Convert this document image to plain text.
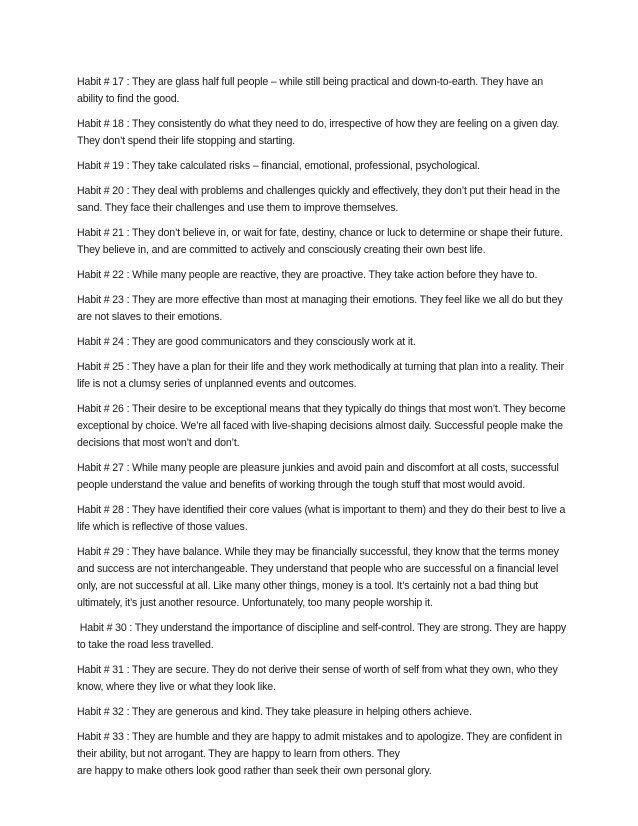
Habit # 17 : They are glass half full people – while still being practical and down-to-earth. They have an ability to find the good.

Habit # 18 : They consistently do what they need to do, irrespective of how they are feeling on a given day. They don’t spend their life stopping and starting.

Habit # 19 : They take calculated risks – financial, emotional, professional, psychological.

Habit # 20 : They deal with problems and challenges quickly and effectively, they don’t put their head in the sand. They face their challenges and use them to improve themselves.

Habit # 21 : They don’t believe in, or wait for fate, destiny, chance or luck to determine or shape their future. They believe in, and are committed to actively and consciously creating their own best life.

Habit # 22 : While many people are reactive, they are proactive. They take action before they have to.

Habit # 23 : They are more effective than most at managing their emotions. They feel like we all do but they are not slaves to their emotions.

Habit # 24 : They are good communicators and they consciously work at it.

Habit # 25 : They have a plan for their life and they work methodically at turning that plan into a reality. Their life is not a clumsy series of unplanned events and outcomes.

Habit # 26 : Their desire to be exceptional means that they typically do things that most won’t. They become exceptional by choice. We’re all faced with live-shaping decisions almost daily. Successful people make the decisions that most won’t and don’t.

Habit # 27 : While many people are pleasure junkies and avoid pain and discomfort at all costs, successful people understand the value and benefits of working through the tough stuff that most would avoid.

Habit # 28 : They have identified their core values (what is important to them) and they do their best to live a life which is reflective of those values.

Habit # 29 : They have balance. While they may be financially successful, they know that the terms money and success are not interchangeable. They understand that people who are successful on a financial level only, are not successful at all. Like many other things, money is a tool. It’s certainly not a bad thing but ultimately, it’s just another resource. Unfortunately, too many people worship it.

Habit # 30 : They understand the importance of discipline and self-control. They are strong. They are happy to take the road less travelled.

Habit # 31 : They are secure. They do not derive their sense of worth of self from what they own, who they know, where they live or what they look like.

Habit # 32 : They are generous and kind. They take pleasure in helping others achieve.

Habit # 33 : They are humble and they are happy to admit mistakes and to apologize. They are confident in their ability, but not arrogant. They are happy to learn from others. They
are happy to make others look good rather than seek their own personal glory.
